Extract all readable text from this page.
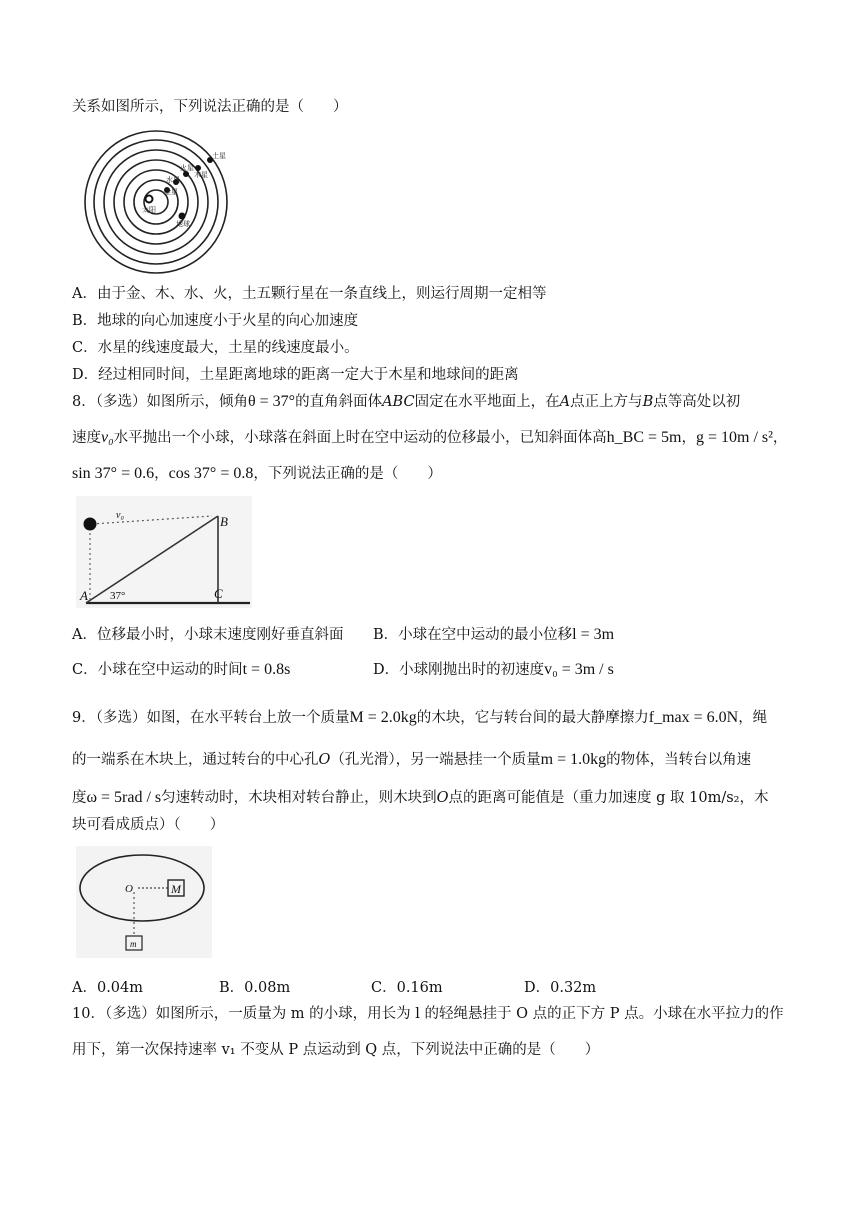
关系如图所示，下列说法正确的是（　　）
土星
木星
火星
水星
地球
太阳
金星
A．由于金、木、水、火，土五颗行星在一条直线上，则运行周期一定相等
B．地球的向心加速度小于火星的向心加速度
C．水星的线速度最大，土星的线速度最小。
D．经过相同时间，土星距离地球的距离一定大于木星和地球间的距离
8．（多选）如图所示，倾角θ = 37°的直角斜面体ABC固定在水平地面上，在A点正上方与B点等高处以初
速度v₀水平抛出一个小球，小球落在斜面上时在空中运动的位移最小，已知斜面体高h_BC = 5m，g = 10m / s²，
sin 37° = 0.6，cos 37° = 0.8，下列说法正确的是（　　）
v₀	B
C
A 37°
A．位移最小时，小球末速度刚好垂直斜面 B．小球在空中运动的最小位移l = 3m
C．小球在空中运动的时间t = 0.8s	D．小球刚抛出时的初速度v₀ = 3m / s
9．（多选）如图，在水平转台上放一个质量M = 2.0kg的木块，它与转台间的最大静摩擦力f_max = 6.0N，绳
的一端系在木块上，通过转台的中心孔O（孔光滑），另一端悬挂一个质量m = 1.0kg的物体，当转台以角速
度ω = 5rad / s匀速转动时，木块相对转台静止，则木块到O点的距离可能值是（重力加速度 g 取 10m/s₂，木
块可看成质点）（　　）
O	M
m
A．0.04m	B．0.08m	C．0.16m	D．0.32m
10．（多选）如图所示，一质量为 m 的小球，用长为 l 的轻绳悬挂于 O 点的正下方 P 点。小球在水平拉力的作
用下，第一次保持速率 v₁ 不变从 P 点运动到 Q 点，下列说法中正确的是（　　）
